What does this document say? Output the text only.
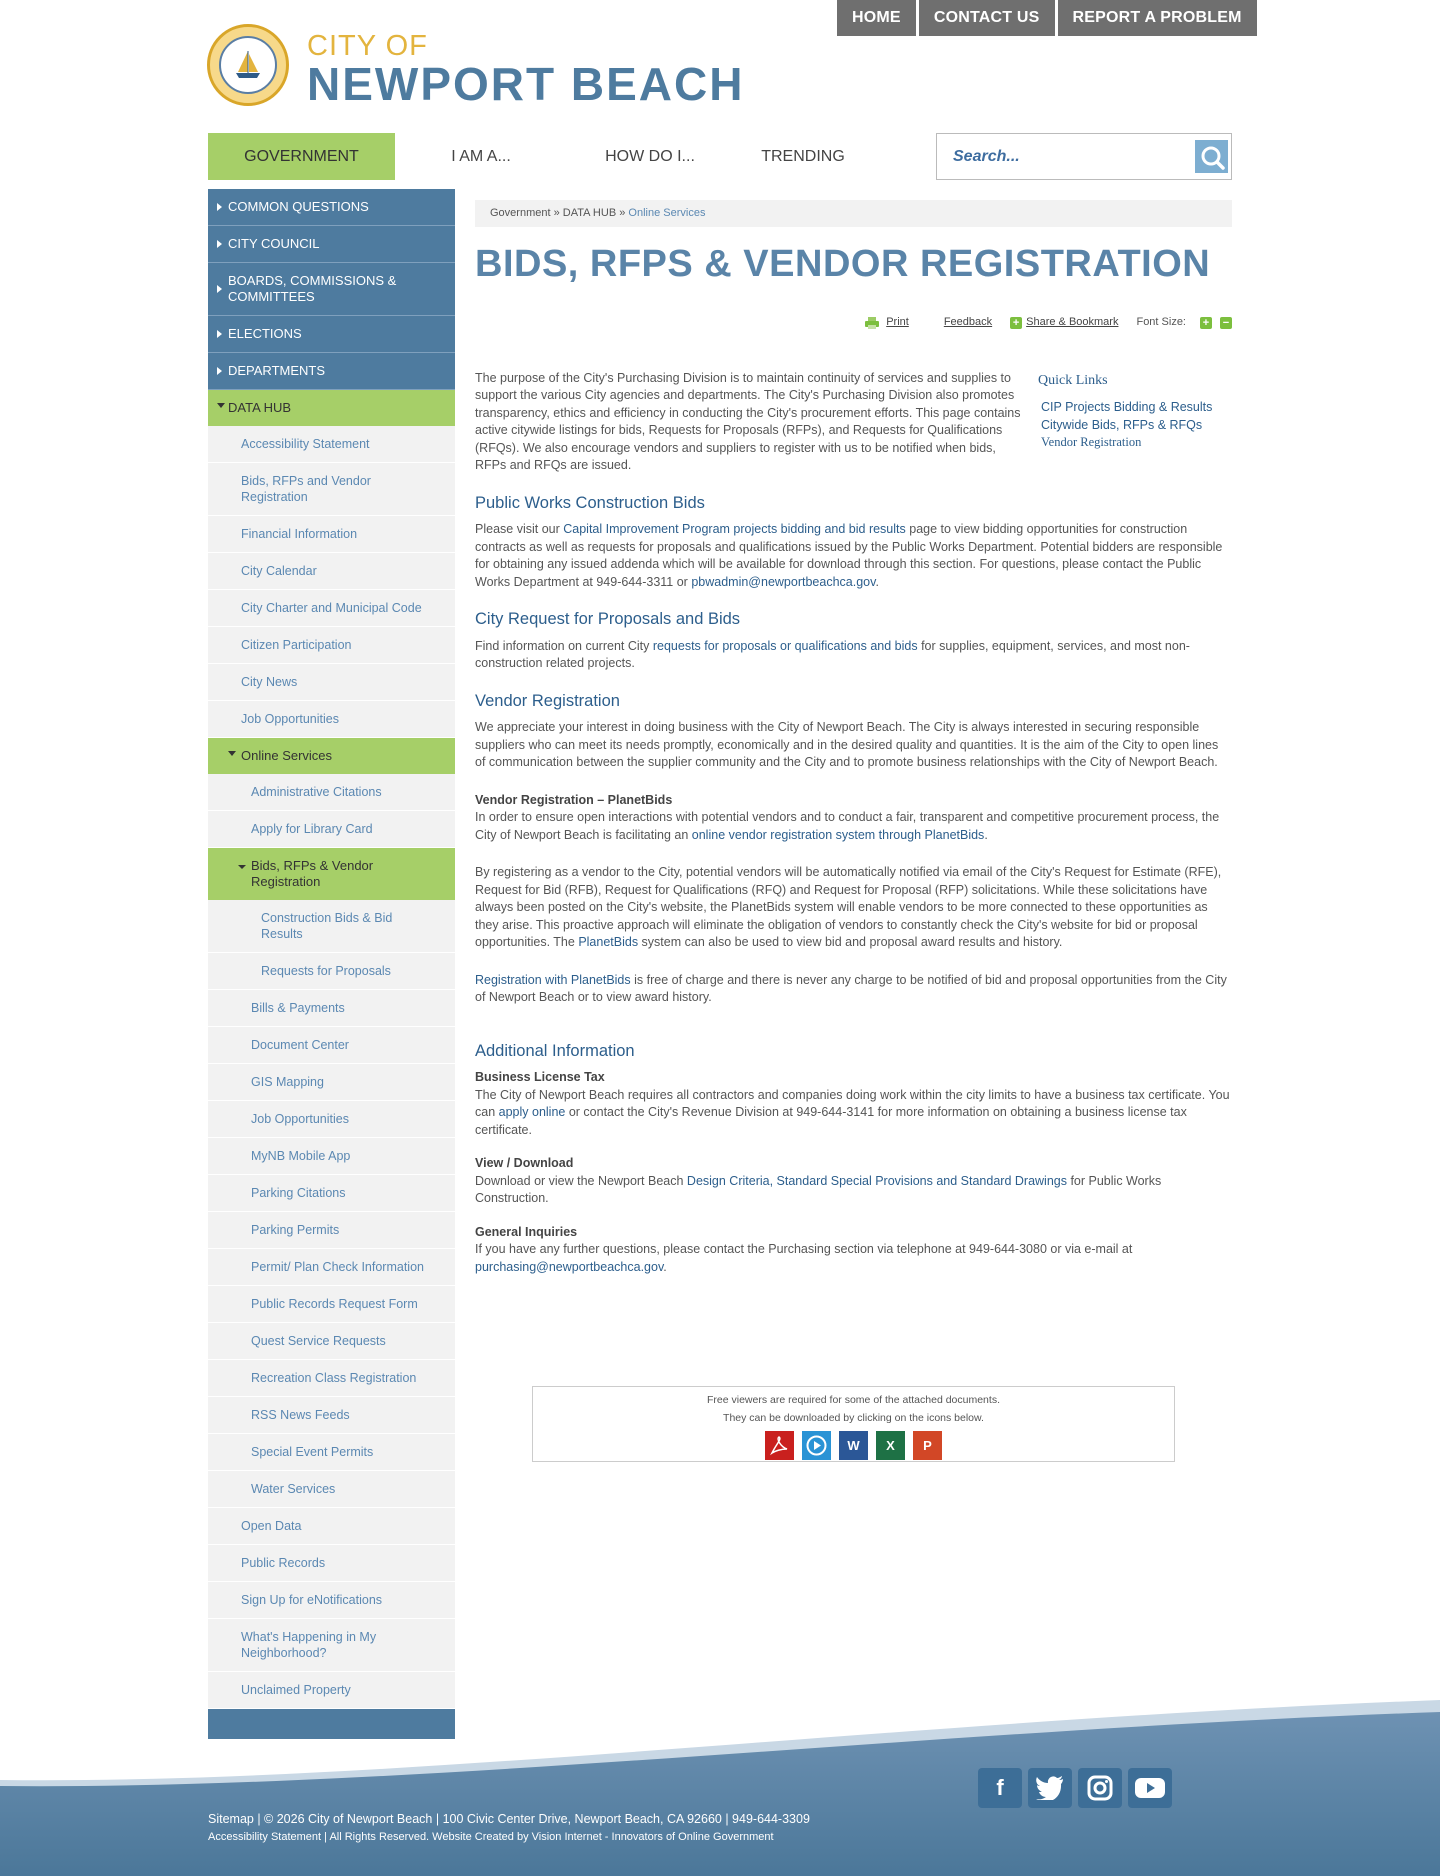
HOME	CONTACT US	REPORT A PROBLEM
CITY OF
NEWPORT BEACH
GOVERNMENT	I AM A...	HOW DO I...	TRENDING
Search...
COMMON QUESTIONS
CITY COUNCIL
BOARDS, COMMISSIONS & COMMITTEES
ELECTIONS
DEPARTMENTS
DATA HUB
Accessibility Statement
Bids, RFPs and Vendor Registration
Financial Information
City Calendar
City Charter and Municipal Code
Citizen Participation
City News
Job Opportunities
Online Services
Administrative Citations
Apply for Library Card
Bids, RFPs & Vendor Registration
Construction Bids & Bid Results
Requests for Proposals
Bills & Payments
Document Center
GIS Mapping
Job Opportunities
MyNB Mobile App
Parking Citations
Parking Permits
Permit/ Plan Check Information
Public Records Request Form
Quest Service Requests
Recreation Class Registration
RSS News Feeds
Special Event Permits
Water Services
Open Data
Public Records
Sign Up for eNotifications
What's Happening in My Neighborhood?
Unclaimed Property
Government » DATA HUB » Online Services
BIDS, RFPS & VENDOR REGISTRATION
Print	Feedback + Share & Bookmark Font Size: + −

The purpose of the City's Purchasing Division is to maintain continuity of services and supplies to support the various City agencies and departments. The City's Purchasing Division also promotes transparency, ethics and efficiency in conducting the City's procurement efforts. This page contains active citywide listings for bids, Requests for Proposals (RFPs), and Requests for Qualifications (RFQs). We also encourage vendors and suppliers to register with us to be notified when bids, RFPs and RFQs are issued.

Quick Links
CIP Projects Bidding & Results
Citywide Bids, RFPs & RFQs
Vendor Registration
Public Works Construction Bids

Please visit our Capital Improvement Program projects bidding and bid results page to view bidding opportunities for construction contracts as well as requests for proposals and qualifications issued by the Public Works Department. Potential bidders are responsible for obtaining any issued addenda which will be available for download through this section. For questions, please contact the Public Works Department at 949-644-3311 or pbwadmin@newportbeachca.gov.

City Request for Proposals and Bids

Find information on current City requests for proposals or qualifications and bids for supplies, equipment, services, and most non-construction related projects.

Vendor Registration

We appreciate your interest in doing business with the City of Newport Beach. The City is always interested in securing responsible suppliers who can meet its needs promptly, economically and in the desired quality and quantities. It is the aim of the City to open lines of communication between the supplier community and the City and to promote business relationships with the City of Newport Beach.

Vendor Registration – PlanetBids
In order to ensure open interactions with potential vendors and to conduct a fair, transparent and competitive procurement process, the City of Newport Beach is facilitating an online vendor registration system through PlanetBids.

By registering as a vendor to the City, potential vendors will be automatically notified via email of the City's Request for Estimate (RFE), Request for Bid (RFB), Request for Qualifications (RFQ) and Request for Proposal (RFP) solicitations. While these solicitations have always been posted on the City's website, the PlanetBids system will enable vendors to be more connected to these opportunities as they arise. This proactive approach will eliminate the obligation of vendors to constantly check the City's website for bid or proposal opportunities. The PlanetBids system can also be used to view bid and proposal award results and history.

Registration with PlanetBids is free of charge and there is never any charge to be notified of bid and proposal opportunities from the City of Newport Beach or to view award history.

Additional Information

Business License Tax
The City of Newport Beach requires all contractors and companies doing work within the city limits to have a business tax certificate. You can apply online or contact the City's Revenue Division at 949-644-3141 for more information on obtaining a business license tax certificate.

View / Download
Download or view the Newport Beach Design Criteria, Standard Special Provisions and Standard Drawings for Public Works Construction.

General Inquiries
If you have any further questions, please contact the Purchasing section via telephone at 949-644-3080 or via e-mail at purchasing@newportbeachca.gov.

Free viewers are required for some of the attached documents.
They can be downloaded by clicking on the icons below.
W	X	P
f
Sitemap | © 2026 City of Newport Beach | 100 Civic Center Drive, Newport Beach, CA 92660 | 949-644-3309
Accessibility Statement | All Rights Reserved. Website Created by Vision Internet - Innovators of Online Government
